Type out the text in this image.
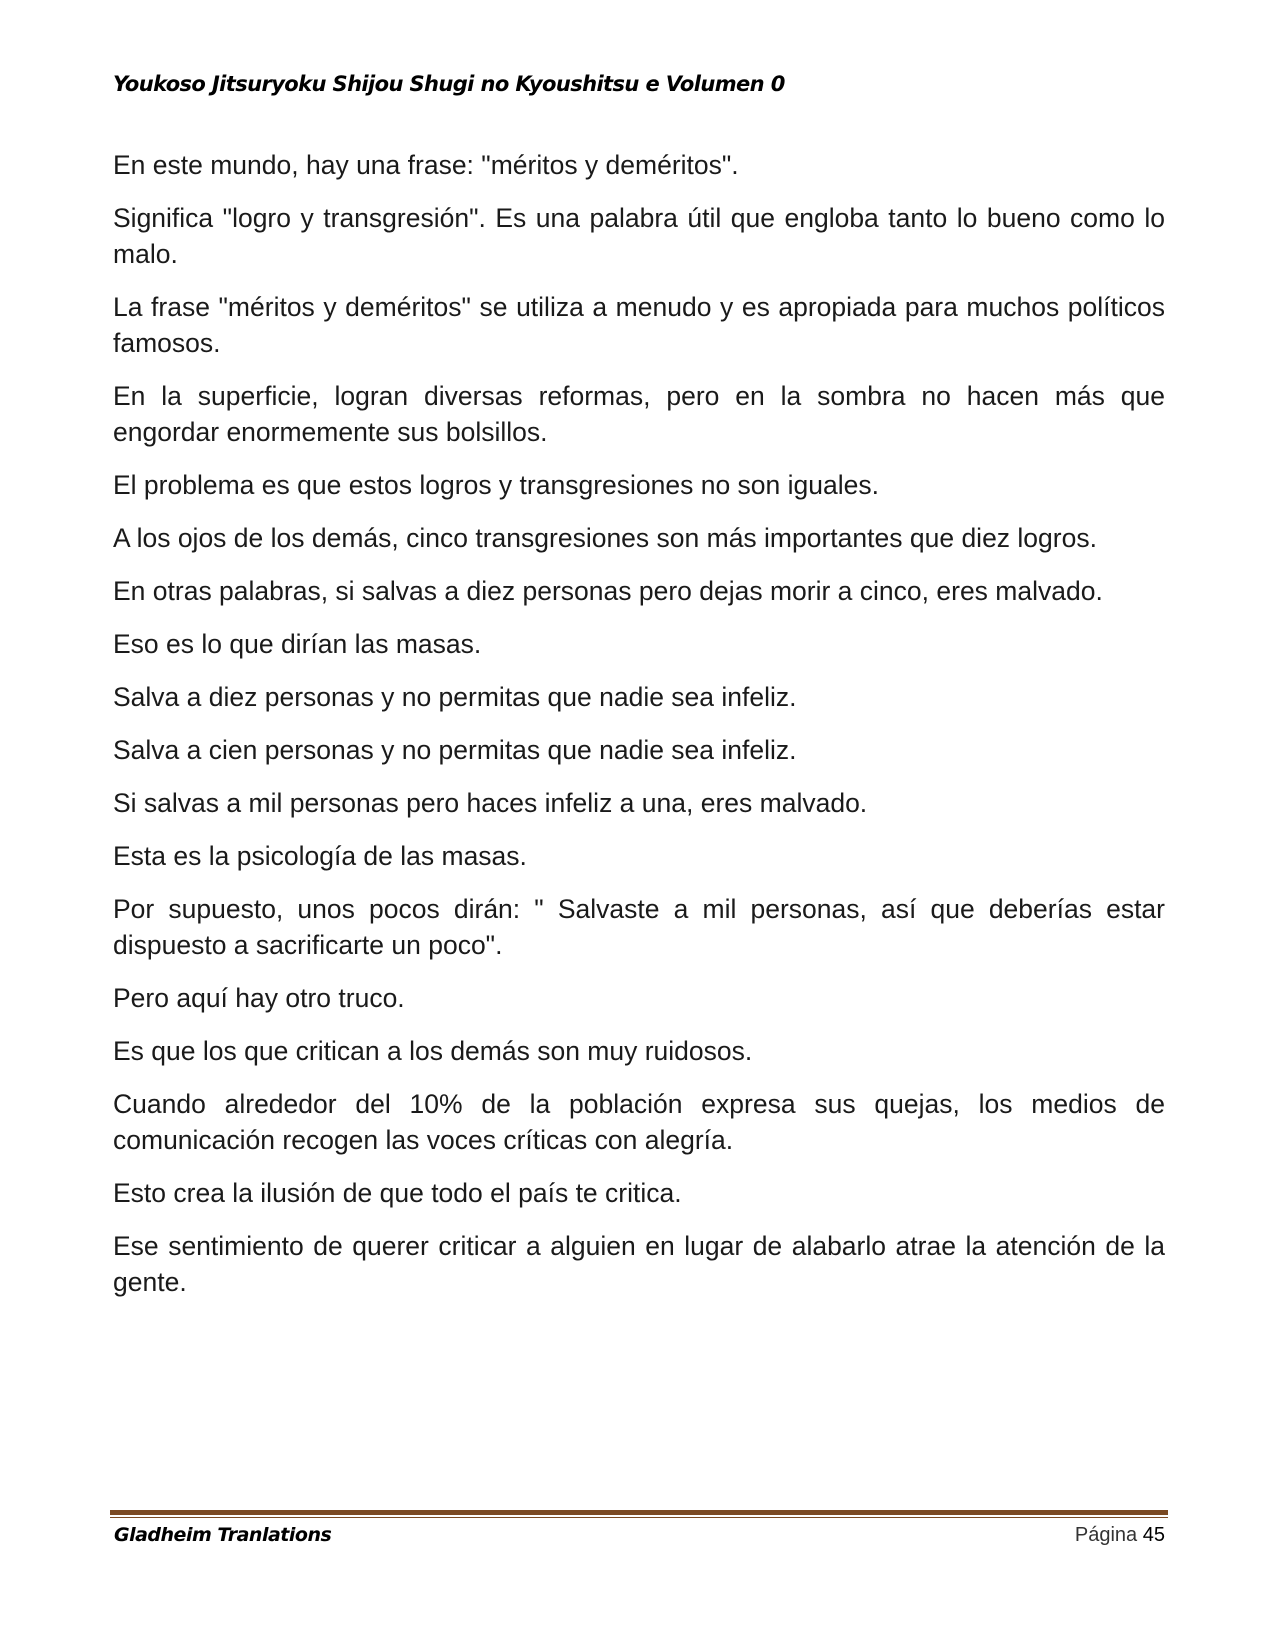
Youkoso Jitsuryoku Shijou Shugi no Kyoushitsu e Volumen 0

En este mundo, hay una frase: "méritos y deméritos".

Significa "logro y transgresión". Es una palabra útil que engloba tanto lo bueno como lo malo.

La frase "méritos y deméritos" se utiliza a menudo y es apropiada para muchos políticos famosos.

En la superficie, logran diversas reformas, pero en la sombra no hacen más que engordar enormemente sus bolsillos.

El problema es que estos logros y transgresiones no son iguales.

A los ojos de los demás, cinco transgresiones son más importantes que diez logros.

En otras palabras, si salvas a diez personas pero dejas morir a cinco, eres malvado.

Eso es lo que dirían las masas.

Salva a diez personas y no permitas que nadie sea infeliz.

Salva a cien personas y no permitas que nadie sea infeliz.

Si salvas a mil personas pero haces infeliz a una, eres malvado.

Esta es la psicología de las masas.

Por supuesto, unos pocos dirán: " Salvaste a mil personas, así que deberías estar dispuesto a sacrificarte un poco".

Pero aquí hay otro truco.

Es que los que critican a los demás son muy ruidosos.

Cuando alrededor del 10% de la población expresa sus quejas, los medios de comunicación recogen las voces críticas con alegría.

Esto crea la ilusión de que todo el país te critica.

Ese sentimiento de querer criticar a alguien en lugar de alabarlo atrae la atención de la gente.

Gladheim Tranlations	Página 45
